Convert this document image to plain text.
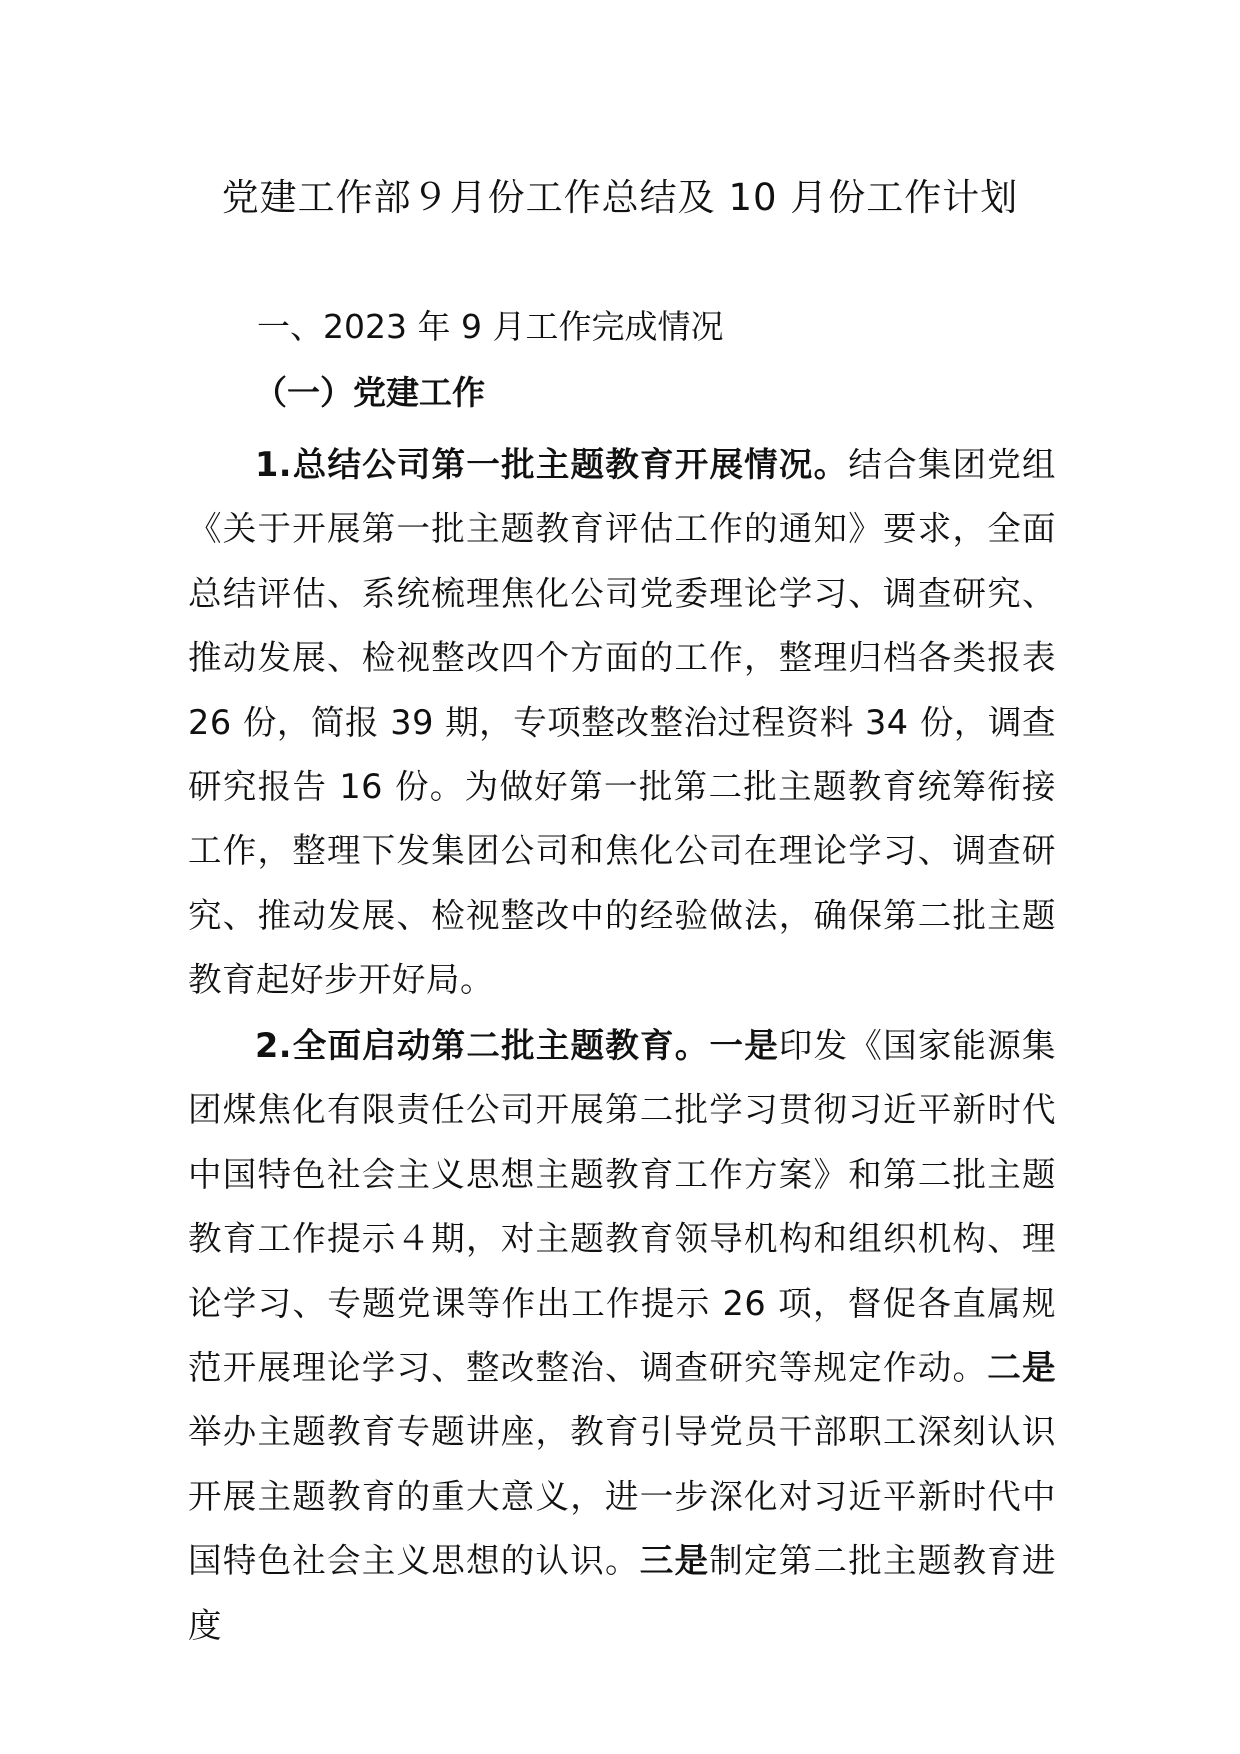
党建工作部９月份工作总结及 10 月份工作计划

一、2023 年 9 月工作完成情况

（一）党建工作

1.总结公司第一批主题教育开展情况。结合集团党组《关于开展第一批主题教育评估工作的通知》要求，全面总结评估、系统梳理焦化公司党委理论学习、调查研究、推动发展、检视整改四个方面的工作，整理归档各类报表 26 份，简报 39 期，专项整改整治过程资料 34 份，调查研究报告 16 份。为做好第一批第二批主题教育统筹衔接工作，整理下发集团公司和焦化公司在理论学习、调查研究、推动发展、检视整改中的经验做法，确保第二批主题教育起好步开好局。

2.全面启动第二批主题教育。一是印发《国家能源集团煤焦化有限责任公司开展第二批学习贯彻习近平新时代中国特色社会主义思想主题教育工作方案》和第二批主题教育工作提示４期，对主题教育领导机构和组织机构、理论学习、专题党课等作出工作提示 26 项，督促各直属规范开展理论学习、整改整治、调查研究等规定作动。二是举办主题教育专题讲座，教育引导党员干部职工深刻认识开展主题教育的重大意义，进一步深化对习近平新时代中国特色社会主义思想的认识。三是制定第二批主题教育进度
